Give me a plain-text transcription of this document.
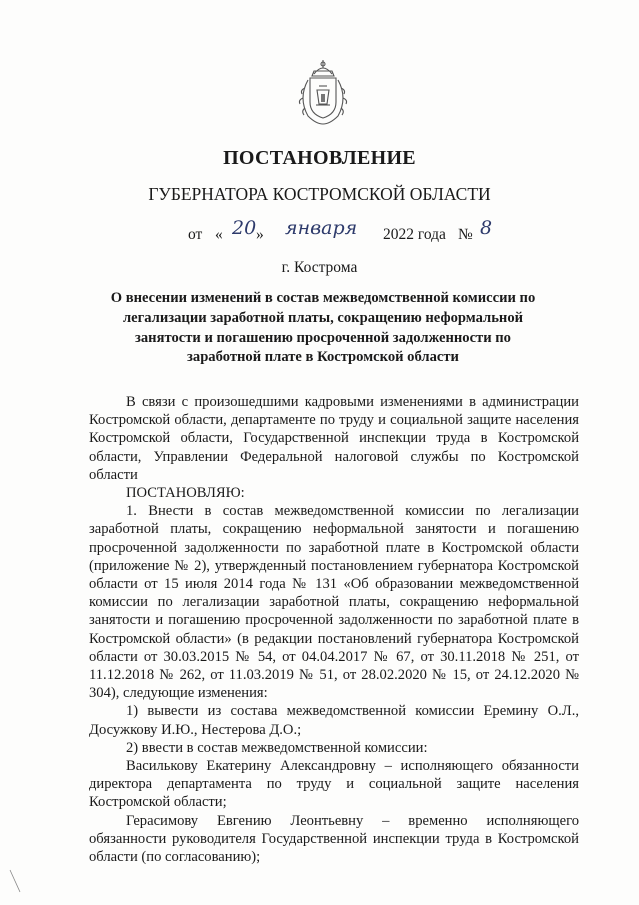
ПОСТАНОВЛЕНИЕ
ГУБЕРНАТОРА КОСТРОМСКОЙ ОБЛАСТИ
от « 20 » января 2022 года № 8
г. Кострома
О внесении изменений в состав межведомственной комиссии по легализации заработной платы, сокращению неформальной занятости и погашению просроченной задолженности по заработной плате в Костромской области

В связи с произошедшими кадровыми изменениями в администрации Костромской области, департаменте по труду и социальной защите населения Костромской области, Государственной инспекции труда в Костромской области, Управлении Федеральной налоговой службы по Костромской области

ПОСТАНОВЛЯЮ:

1. Внести в состав межведомственной комиссии по легализации заработной платы, сокращению неформальной занятости и погашению просроченной задолженности по заработной плате в Костромской области (приложение № 2), утвержденный постановлением губернатора Костромской области от 15 июля 2014 года № 131 «Об образовании межведомственной комиссии по легализации заработной платы, сокращению неформальной занятости и погашению просроченной задолженности по заработной плате в Костромской области» (в редакции постановлений губернатора Костромской области от 30.03.2015 № 54, от 04.04.2017 № 67, от 30.11.2018 № 251, от 11.12.2018 № 262, от 11.03.2019 № 51, от 28.02.2020 № 15, от 24.12.2020 № 304), следующие изменения:

1) вывести из состава межведомственной комиссии Еремину О.Л., Досужкову И.Ю., Нестерова Д.О.;

2) ввести в состав межведомственной комиссии:

Василькову Екатерину Александровну – исполняющего обязанности директора департамента по труду и социальной защите населения Костромской области;

Герасимову Евгению Леонтьевну – временно исполняющего обязанности руководителя Государственной инспекции труда в Костромской области (по согласованию);
